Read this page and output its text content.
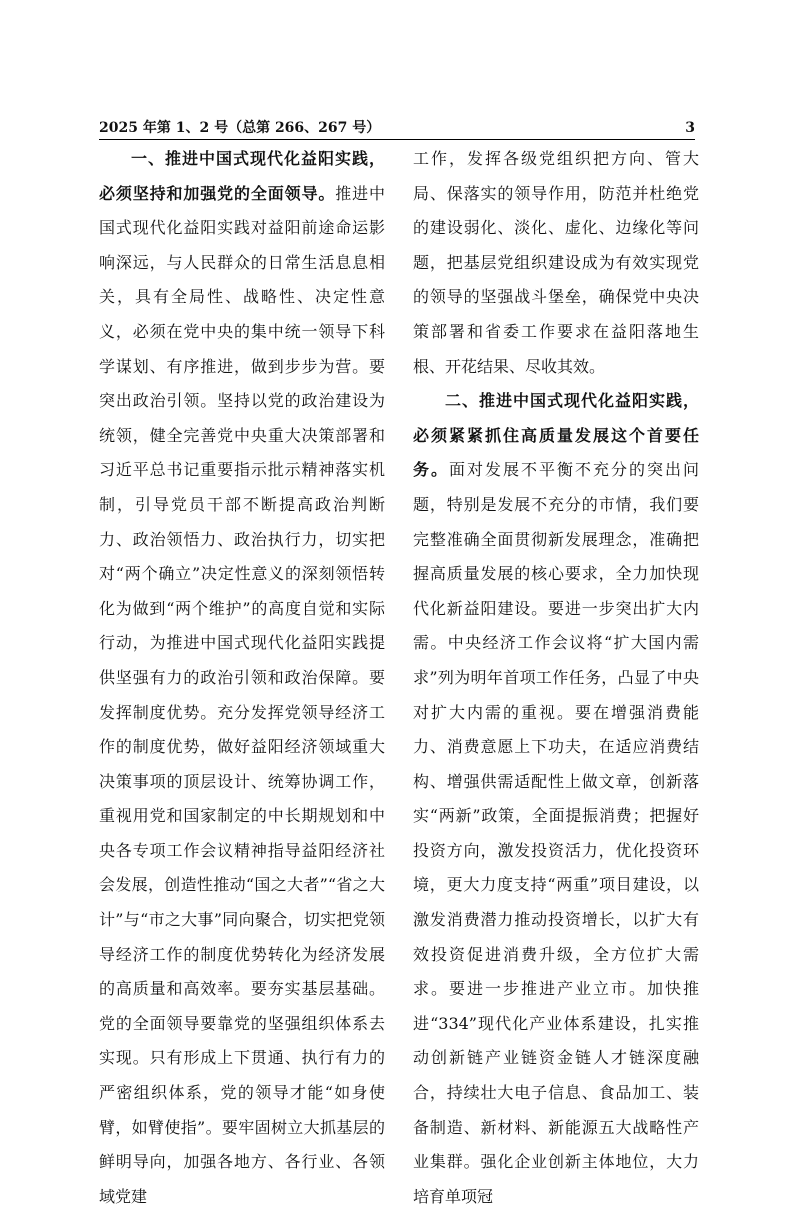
2025 年第 1、2 号（总第 266、267 号）	3

一、推进中国式现代化益阳实践，必须坚持和加强党的全面领导。推进中国式现代化益阳实践对益阳前途命运影响深远，与人民群众的日常生活息息相关，具有全局性、战略性、决定性意义，必须在党中央的集中统一领导下科学谋划、有序推进，做到步步为营。要突出政治引领。坚持以党的政治建设为统领，健全完善党中央重大决策部署和习近平总书记重要指示批示精神落实机制，引导党员干部不断提高政治判断力、政治领悟力、政治执行力，切实把对“两个确立”决定性意义的深刻领悟转化为做到“两个维护”的高度自觉和实际行动，为推进中国式现代化益阳实践提供坚强有力的政治引领和政治保障。要发挥制度优势。充分发挥党领导经济工作的制度优势，做好益阳经济领域重大决策事项的顶层设计、统筹协调工作，重视用党和国家制定的中长期规划和中央各专项工作会议精神指导益阳经济社会发展，创造性推动“国之大者”“省之大计”与“市之大事”同向聚合，切实把党领导经济工作的制度优势转化为经济发展的高质量和高效率。要夯实基层基础。党的全面领导要靠党的坚强组织体系去实现。只有形成上下贯通、执行有力的严密组织体系，党的领导才能“如身使臂，如臂使指”。要牢固树立大抓基层的鲜明导向，加强各地方、各行业、各领域党建

工作，发挥各级党组织把方向、管大局、保落实的领导作用，防范并杜绝党的建设弱化、淡化、虚化、边缘化等问题，把基层党组织建设成为有效实现党的领导的坚强战斗堡垒，确保党中央决策部署和省委工作要求在益阳落地生根、开花结果、尽收其效。

二、推进中国式现代化益阳实践，必须紧紧抓住高质量发展这个首要任务。面对发展不平衡不充分的突出问题，特别是发展不充分的市情，我们要完整准确全面贯彻新发展理念，准确把握高质量发展的核心要求，全力加快现代化新益阳建设。要进一步突出扩大内需。中央经济工作会议将“扩大国内需求”列为明年首项工作任务，凸显了中央对扩大内需的重视。要在增强消费能力、消费意愿上下功夫，在适应消费结构、增强供需适配性上做文章，创新落实“两新”政策，全面提振消费；把握好投资方向，激发投资活力，优化投资环境，更大力度支持“两重”项目建设，以激发消费潜力推动投资增长，以扩大有效投资促进消费升级，全方位扩大需求。要进一步推进产业立市。加快推进“334”现代化产业体系建设，扎实推动创新链产业链资金链人才链深度融合，持续壮大电子信息、食品加工、装备制造、新材料、新能源五大战略性产业集群。强化企业创新主体地位，大力培育单项冠
